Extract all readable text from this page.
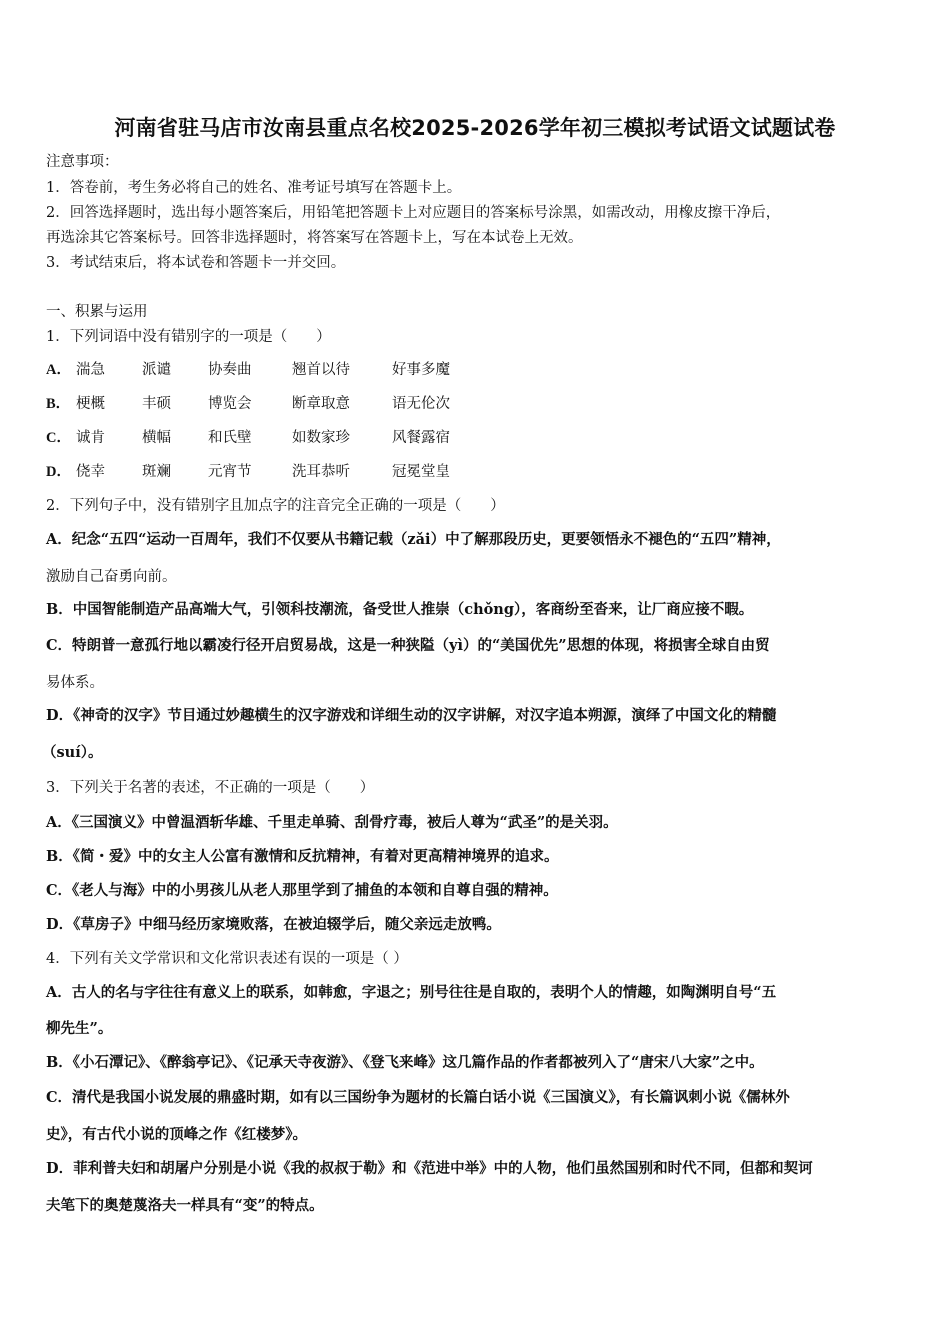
河南省驻马店市汝南县重点名校2025-2026学年初三模拟考试语文试题试卷
注意事项：
1．答卷前，考生务必将自己的姓名、准考证号填写在答题卡上。
2．回答选择题时，选出每小题答案后，用铅笔把答题卡上对应题目的答案标号涂黑，如需改动，用橡皮擦干净后，
再选涂其它答案标号。回答非选择题时，将答案写在答题卡上，写在本试卷上无效。
3．考试结束后，将本试卷和答题卡一并交回。
一、积累与运用
1．下列词语中没有错别字的一项是（　　）
A． 湍急	派谴	协奏曲	翘首以待	好事多魔
B． 梗概	丰硕	博览会	断章取意	语无伦次
C． 诚肯	横幅	和氏壁	如数家珍	风餐露宿
D． 侥幸	斑斓	元宵节	洗耳恭听	冠冕堂皇
2．下列句子中，没有错别字且加点字的注音完全正确的一项是（　　）
A．纪念“五四“运动一百周年，我们不仅要从书籍记载（zǎi）中了解那段历史，更要领悟永不褪色的“五四”精神，
激励自己奋勇向前。
B．中国智能制造产品高端大气，引领科技潮流，备受世人推崇（chǒng），客商纷至沓来，让厂商应接不暇。
C．特朗普一意孤行地以霸凌行径开启贸易战，这是一种狭隘（yì）的“美国优先”思想的体现，将损害全球自由贸
易体系。
D．《神奇的汉字》节目通过妙趣横生的汉字游戏和详细生动的汉字讲解，对汉字追本朔源，演绎了中国文化的精髓
（suí）。
3．下列关于名著的表述，不正确的一项是（　　）
A．《三国演义》中曾温酒斩华雄、千里走单骑、刮骨疗毒，被后人尊为“武圣”的是关羽。
B．《简・爱》中的女主人公富有激情和反抗精神，有着对更高精神境界的追求。
C．《老人与海》中的小男孩儿从老人那里学到了捕鱼的本领和自尊自强的精神。
D．《草房子》中细马经历家境败落，在被迫辍学后，随父亲远走放鸭。
4．下列有关文学常识和文化常识表述有误的一项是（ ）
A．古人的名与字往往有意义上的联系，如韩愈，字退之；别号往往是自取的，表明个人的情趣，如陶渊明自号“五
柳先生”。
B．《小石潭记》、《醉翁亭记》、《记承天寺夜游》、《登飞来峰》这几篇作品的作者都被列入了“唐宋八大家”之中。
C．清代是我国小说发展的鼎盛时期，如有以三国纷争为题材的长篇白话小说《三国演义》，有长篇讽刺小说《儒林外
史》，有古代小说的顶峰之作《红楼梦》。
D．菲利普夫妇和胡屠户分别是小说《我的叔叔于勒》和《范进中举》中的人物，他们虽然国别和时代不同，但都和契诃
夫笔下的奥楚蔑洛夫一样具有“变”的特点。
